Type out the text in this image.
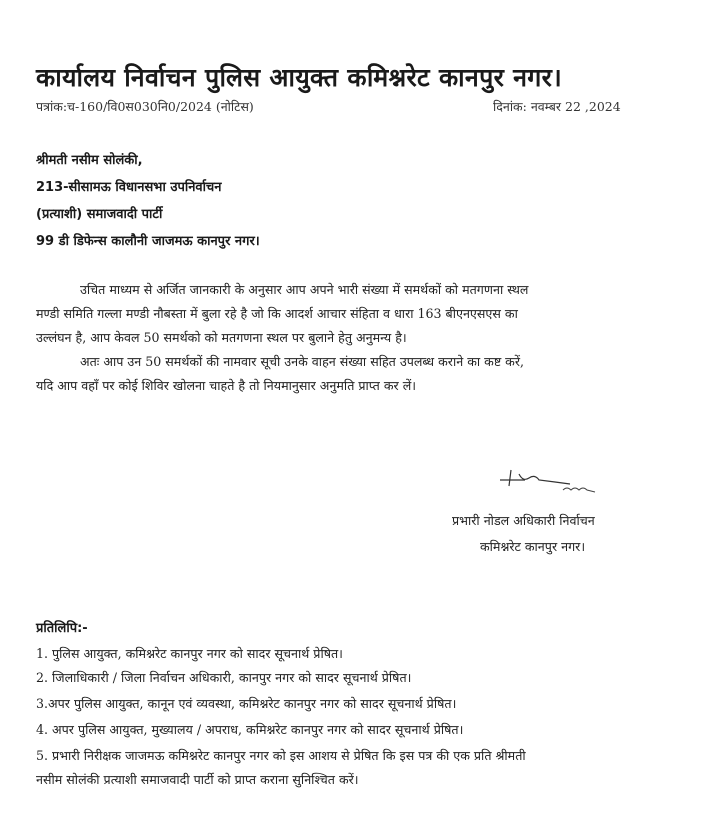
कार्यालय निर्वाचन पुलिस आयुक्त कमिश्नरेट कानपुर नगर।
पत्रांक:च-160/वि0स030नि0/2024 (नोटिस)	दिनांक: नवम्बर 22 ,2024
श्रीमती नसीम सोलंकी,
213-सीसामऊ विधानसभा उपनिर्वाचन
(प्रत्याशी) समाजवादी पार्टी
99 डी डिफेन्स कालौनी जाजमऊ कानपुर नगर।
उचित माध्यम से अर्जित जानकारी के अनुसार आप अपने भारी संख्या में समर्थकों को मतगणना स्थल
मण्डी समिति गल्ला मण्डी नौबस्ता में बुला रहे है जो कि आदर्श आचार संहिता व धारा 163 बीएनएसएस का
उल्लंघन है, आप केवल 50 समर्थको को मतगणना स्थल पर बुलाने हेतु अनुमन्य है।
अतः आप उन 50 समर्थकों की नामवार सूची उनके वाहन संख्या सहित उपलब्ध कराने का कष्ट करें,
यदि आप वहाँ पर कोई शिविर खोलना चाहते है तो नियमानुसार अनुमति प्राप्त कर लें।
प्रभारी नोडल अधिकारी निर्वाचन
कमिश्नरेट कानपुर नगर।
प्रतिलिपि:-
1. पुलिस आयुक्त, कमिश्नरेट कानपुर नगर को सादर सूचनार्थ प्रेषित।
2. जिलाधिकारी / जिला निर्वाचन अधिकारी, कानपुर नगर को सादर सूचनार्थ प्रेषित।
3.अपर पुलिस आयुक्त, कानून एवं व्यवस्था, कमिश्नरेट कानपुर नगर को सादर सूचनार्थ प्रेषित।
4. अपर पुलिस आयुक्त, मुख्यालय / अपराध, कमिश्नरेट कानपुर नगर को सादर सूचनार्थ प्रेषित।
5. प्रभारी निरीक्षक जाजमऊ कमिश्नरेट कानपुर नगर को इस आशय से प्रेषित कि इस पत्र की एक प्रति श्रीमती
नसीम सोलंकी प्रत्याशी समाजवादी पार्टी को प्राप्त कराना सुनिश्चित करें।
